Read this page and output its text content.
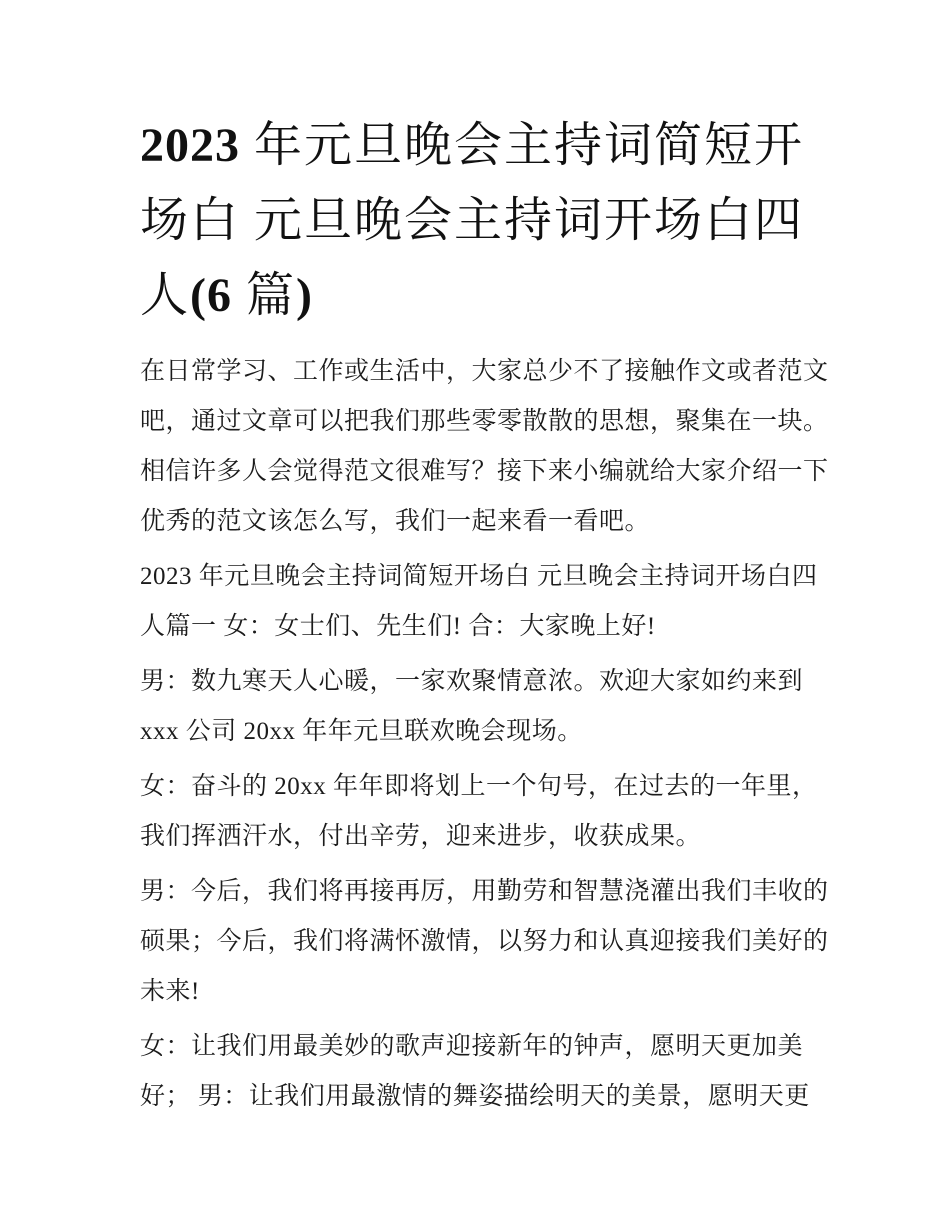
2023 年元旦晚会主持词简短开
场白 元旦晚会主持词开场白四
人(6 篇)
在日常学习、工作或生活中，大家总少不了接触作文或者范文
吧，通过文章可以把我们那些零零散散的思想，聚集在一块。
相信许多人会觉得范文很难写？接下来小编就给大家介绍一下
优秀的范文该怎么写，我们一起来看一看吧。
2023 年元旦晚会主持词简短开场白 元旦晚会主持词开场白四
人篇一 女：女士们、先生们! 合：大家晚上好!
男：数九寒天人心暖，一家欢聚情意浓。欢迎大家如约来到
xxx 公司 20xx 年年元旦联欢晚会现场。
女：奋斗的 20xx 年年即将划上一个句号，在过去的一年里，
我们挥洒汗水，付出辛劳，迎来进步，收获成果。
男：今后，我们将再接再厉，用勤劳和智慧浇灌出我们丰收的
硕果；今后，我们将满怀激情，以努力和认真迎接我们美好的
未来!
女：让我们用最美妙的歌声迎接新年的钟声，愿明天更加美
好； 男：让我们用最激情的舞姿描绘明天的美景，愿明天更
